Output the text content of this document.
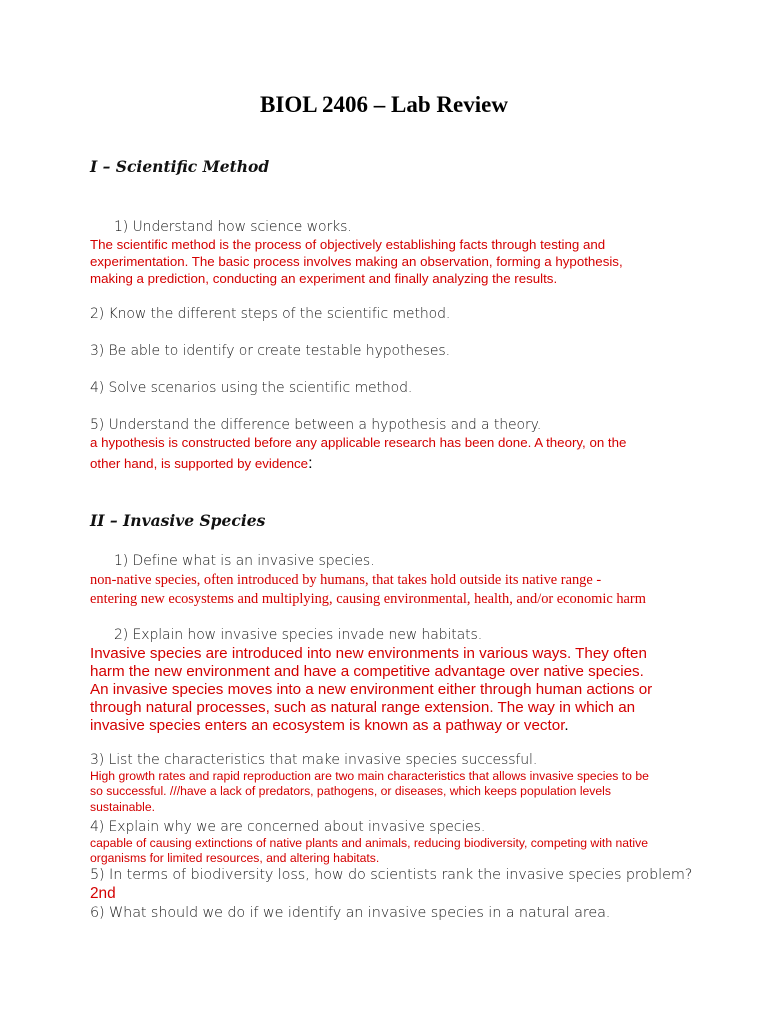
BIOL 2406 – Lab Review
I – Scientific Method
1) Understand how science works.
The scientific method is the process of objectively establishing facts through testing and
experimentation. The basic process involves making an observation, forming a hypothesis,
making a prediction, conducting an experiment and finally analyzing the results.
2) Know the different steps of the scientific method.
3) Be able to identify or create testable hypotheses.
4) Solve scenarios using the scientific method.
5) Understand the difference between a hypothesis and a theory.
a hypothesis is constructed before any applicable research has been done. A theory, on the
other hand, is supported by evidence:
II – Invasive Species
1) Define what is an invasive species.
non-native species, often introduced by humans, that takes hold outside its native range -
entering new ecosystems and multiplying, causing environmental, health, and/or economic harm
2) Explain how invasive species invade new habitats.
Invasive species are introduced into new environments in various ways. They often
harm the new environment and have a competitive advantage over native species.
An invasive species moves into a new environment either through human actions or
through natural processes, such as natural range extension. The way in which an
invasive species enters an ecosystem is known as a pathway or vector.
3) List the characteristics that make invasive species successful.
High growth rates and rapid reproduction are two main characteristics that allows invasive species to be
so successful. ///have a lack of predators, pathogens, or diseases, which keeps population levels
sustainable.
4) Explain why we are concerned about invasive species.
capable of causing extinctions of native plants and animals, reducing biodiversity, competing with native
organisms for limited resources, and altering habitats.
5) In terms of biodiversity loss, how do scientists rank the invasive species problem?
2nd
6) What should we do if we identify an invasive species in a natural area.
